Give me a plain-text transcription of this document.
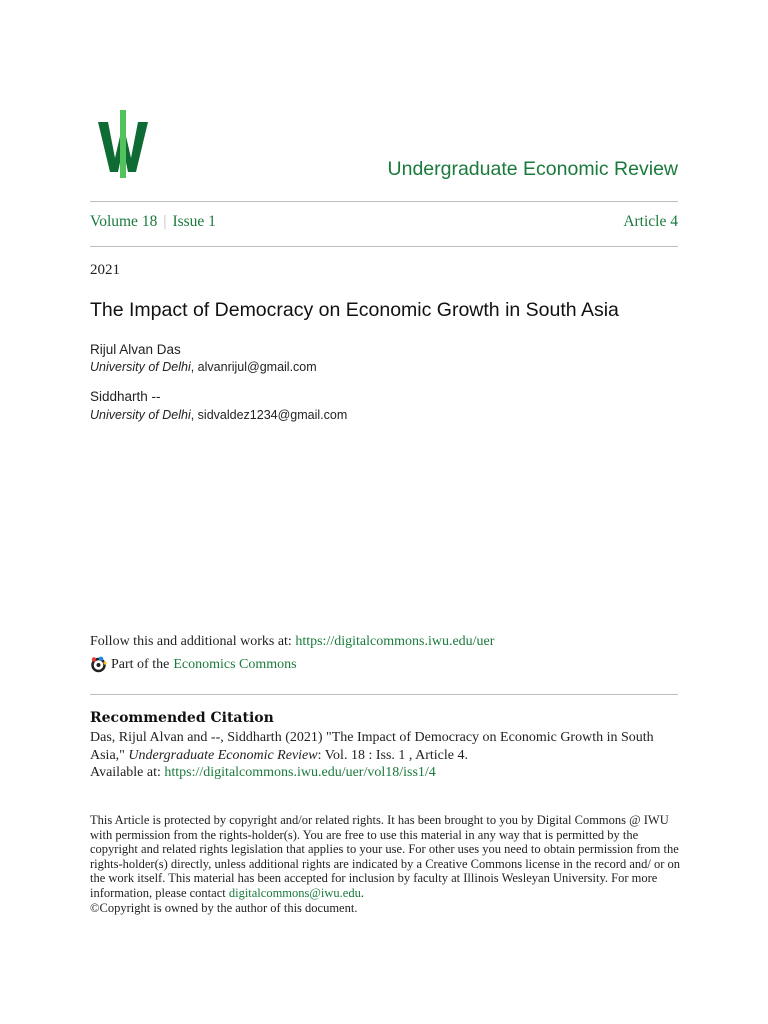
Undergraduate Economic Review
Volume 18 | Issue 1	Article 4
2021
The Impact of Democracy on Economic Growth in South Asia
Rijul Alvan Das
University of Delhi, alvanrijul@gmail.com
Siddharth --
University of Delhi, sidvaldez1234@gmail.com
Follow this and additional works at: https://digitalcommons.iwu.edu/uer
Part of the Economics Commons
Recommended Citation
Das, Rijul Alvan and --, Siddharth (2021) "The Impact of Democracy on Economic Growth in South Asia," Undergraduate Economic Review: Vol. 18 : Iss. 1 , Article 4.
Available at: https://digitalcommons.iwu.edu/uer/vol18/iss1/4
This Article is protected by copyright and/or related rights. It has been brought to you by Digital Commons @ IWU with permission from the rights-holder(s). You are free to use this material in any way that is permitted by the copyright and related rights legislation that applies to your use. For other uses you need to obtain permission from the rights-holder(s) directly, unless additional rights are indicated by a Creative Commons license in the record and/ or on the work itself. This material has been accepted for inclusion by faculty at Illinois Wesleyan University. For more information, please contact digitalcommons@iwu.edu.
©Copyright is owned by the author of this document.
